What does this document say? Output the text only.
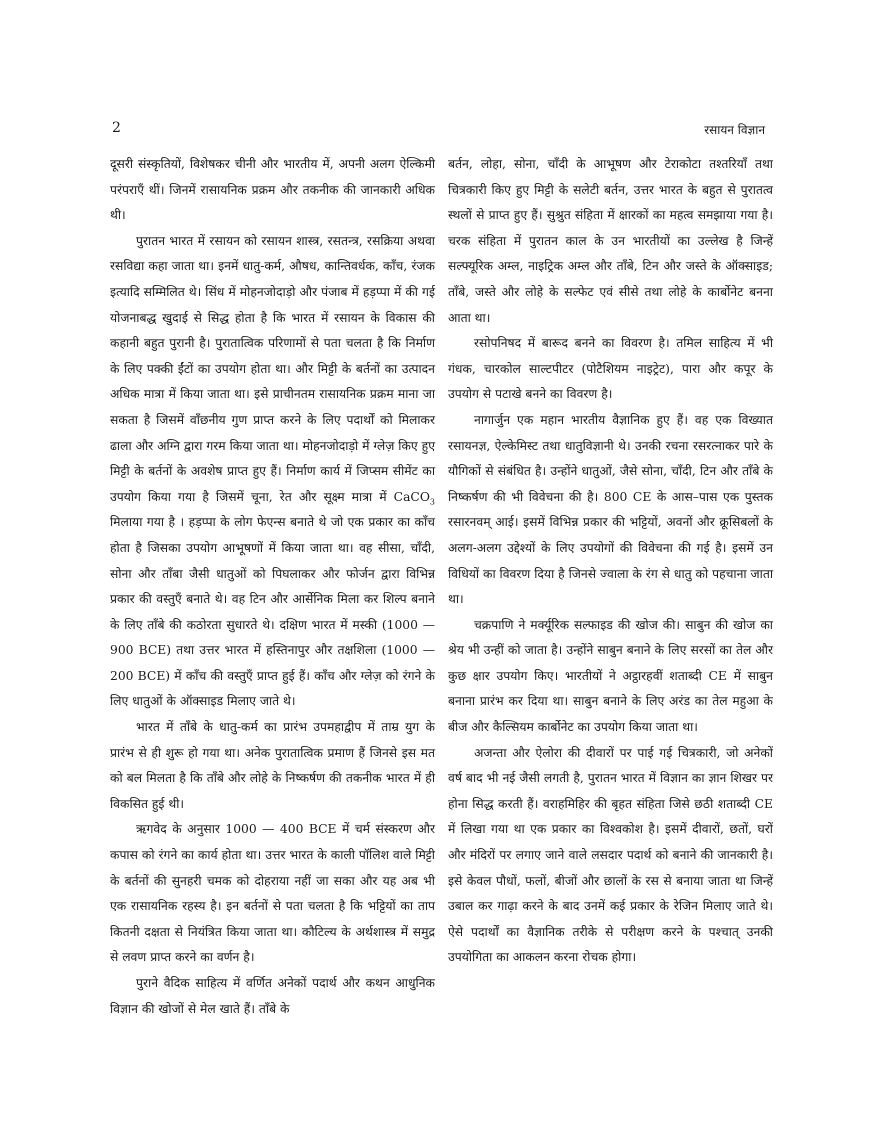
2	रसायन विज्ञान

दूसरी संस्कृतियों, विशेषकर चीनी और भारतीय में, अपनी अलग ऐल्किमी परंपराएँ थीं। जिनमें रासायनिक प्रक्रम और तकनीक की जानकारी अधिक थी।

पुरातन भारत में रसायन को रसायन शास्त्र, रसतन्त्र, रसक्रिया अथवा रसविद्या कहा जाता था। इनमें धातु-कर्म, औषध, कान्तिवर्धक, काँच, रंजक इत्यादि सम्मिलित थे। सिंध में मोहनजोदाड़ो और पंजाब में हड़प्पा में की गई योजनाबद्ध खुदाई से सिद्ध होता है कि भारत में रसायन के विकास की कहानी बहुत पुरानी है। पुरातात्विक परिणामों से पता चलता है कि निर्माण के लिए पक्की ईंटों का उपयोग होता था। और मिट्टी के बर्तनों का उत्पादन अधिक मात्रा में किया जाता था। इसे प्राचीनतम रासायनिक प्रक्रम माना जा सकता है जिसमें वाँछनीय गुण प्राप्त करने के लिए पदार्थों को मिलाकर ढाला और अग्नि द्वारा गरम किया जाता था। मोहनजोदाड़ो में ग्लेज़ किए हुए मिट्टी के बर्तनों के अवशेष प्राप्त हुए हैं। निर्माण कार्य में जिप्सम सीमेंट का उपयोग किया गया है जिसमें चूना, रेत और सूक्ष्म मात्रा में CaCO$_3$ मिलाया गया है । हड़प्पा के लोग फेएन्स बनाते थे जो एक प्रकार का काँच होता है जिसका उपयोग आभूषणों में किया जाता था। वह सीसा, चाँदी, सोना और ताँबा जैसी धातुओं को पिघलाकर और फोर्जन द्वारा विभिन्न प्रकार की वस्तुएँ बनाते थे। वह टिन और आर्सेनिक मिला कर शिल्प बनाने के लिए ताँबे की कठोरता सुधारते थे। दक्षिण भारत में मस्की (1000 — 900 BCE) तथा उत्तर भारत में हस्तिनापुर और तक्षशिला (1000 — 200 BCE) में काँच की वस्तुएँ प्राप्त हुई हैं। काँच और ग्लेज़ को रंगने के लिए धातुओं के ऑक्साइड मिलाए जाते थे।

भारत में ताँबे के धातु-कर्म का प्रारंभ उपमहाद्वीप में ताम्र युग के प्रारंभ से ही शुरू हो गया था। अनेक पुरातात्विक प्रमाण हैं जिनसे इस मत को बल मिलता है कि ताँबे और लोहे के निष्कर्षण की तकनीक भारत में ही विकसित हुई थी।

ऋगवेद के अनुसार 1000 — 400 BCE में चर्म संस्करण और कपास को रंगने का कार्य होता था। उत्तर भारत के काली पॉलिश वाले मिट्टी के बर्तनों की सुनहरी चमक को दोहराया नहीं जा सका और यह अब भी एक रासायनिक रहस्य है। इन बर्तनों से पता चलता है कि भट्टियों का ताप कितनी दक्षता से नियंत्रित किया जाता था। कौटिल्य के अर्थशास्त्र में समुद्र से लवण प्राप्त करने का वर्णन है।

पुराने वैदिक साहित्य में वर्णित अनेकों पदार्थ और कथन आधुनिक विज्ञान की खोजों से मेल खाते हैं। ताँबे के

बर्तन, लोहा, सोना, चाँदी के आभूषण और टेराकोटा तश्तरियाँ तथा चित्रकारी किए हुए मिट्टी के सलेटी बर्तन, उत्तर भारत के बहुत से पुरातत्व स्थलों से प्राप्त हुए हैं। सुश्रुत संहिता में क्षारकों का महत्व समझाया गया है। चरक संहिता में पुरातन काल के उन भारतीयों का उल्लेख है जिन्हें सल्फ्यूरिक अम्ल, नाइट्रिक अम्ल और ताँबे, टिन और जस्ते के ऑक्साइड; ताँबे, जस्ते और लोहे के सल्फेट एवं सीसे तथा लोहे के कार्बोनेट बनना आता था।

रसोपनिषद में बारूद बनने का विवरण है। तमिल साहित्य में भी गंधक, चारकोल साल्टपीटर (पोटैशियम नाइट्रेट), पारा और कपूर के उपयोग से पटाखे बनने का विवरण है।

नागार्जुन एक महान भारतीय वैज्ञानिक हुए हैं। वह एक विख्यात रसायनज्ञ, ऐल्केमिस्ट तथा धातुविज्ञानी थे। उनकी रचना रसरत्नाकर पारे के यौगिकों से संबंधित है। उन्होंने धातुओं, जैसे सोना, चाँदी, टिन और ताँबे के निष्कर्षण की भी विवेचना की है। 800 CE के आस–पास एक पुस्तक रसारनवम् आई। इसमें विभिन्न प्रकार की भट्टियों, अवनों और क्रूसिबलों के अलग-अलग उद्देश्यों के लिए उपयोगों की विवेचना की गई है। इसमें उन विधियों का विवरण दिया है जिनसे ज्वाला के रंग से धातु को पहचाना जाता था।

चक्रपाणि ने मर्क्यूरिक सल्फाइड की खोज की। साबुन की खोज का श्रेय भी उन्हीं को जाता है। उन्होंने साबुन बनाने के लिए सरसों का तेल और कुछ क्षार उपयोग किए। भारतीयों ने अट्ठारहवीं शताब्दी CE में साबुन बनाना प्रारंभ कर दिया था। साबुन बनाने के लिए अरंड का तेल महुआ के बीज और कैल्सियम कार्बोनेट का उपयोग किया जाता था।

अजन्ता और ऐलोरा की दीवारों पर पाई गई चित्रकारी, जो अनेकों वर्ष बाद भी नई जैसी लगती है, पुरातन भारत में विज्ञान का ज्ञान शिखर पर होना सिद्ध करती हैं। वराहमिहिर की बृहत संहिता जिसे छठी शताब्दी CE में लिखा गया था एक प्रकार का विश्वकोश है। इसमें दीवारों, छतों, घरों और मंदिरों पर लगाए जाने वाले लसदार पदार्थ को बनाने की जानकारी है। इसे केवल पौधों, फलों, बीजों और छालों के रस से बनाया जाता था जिन्हें उबाल कर गाढ़ा करने के बाद उनमें कई प्रकार के रेजिन मिलाए जाते थे। ऐसे पदार्थों का वैज्ञानिक तरीके से परीक्षण करने के पश्चात् उनकी उपयोगिता का आकलन करना रोचक होगा।
